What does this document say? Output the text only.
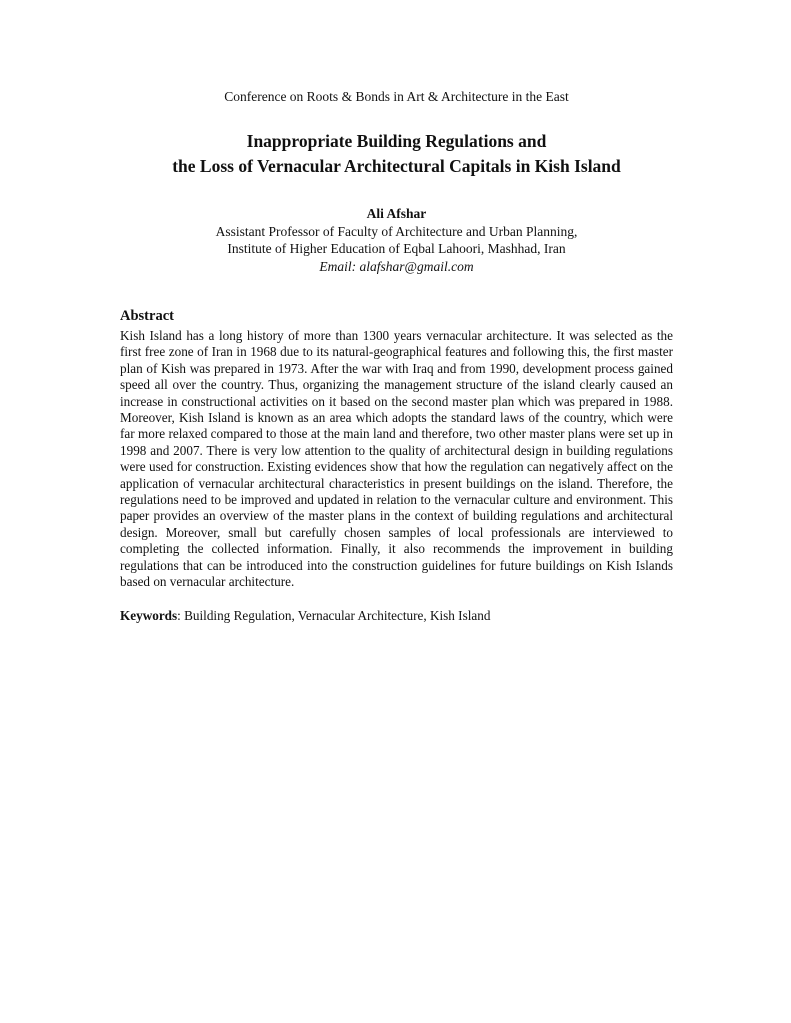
Conference on Roots & Bonds in Art & Architecture in the East
Inappropriate Building Regulations and
the Loss of Vernacular Architectural Capitals in Kish Island
Ali Afshar
Assistant Professor of Faculty of Architecture and Urban Planning,
Institute of Higher Education of Eqbal Lahoori, Mashhad, Iran
Email: alafshar@gmail.com
Abstract
Kish Island has a long history of more than 1300 years vernacular architecture. It was selected as the first free zone of Iran in 1968 due to its natural-geographical features and following this, the first master plan of Kish was prepared in 1973. After the war with Iraq and from 1990, development process gained speed all over the country. Thus, organizing the management structure of the island clearly caused an increase in constructional activities on it based on the second master plan which was prepared in 1988. Moreover, Kish Island is known as an area which adopts the standard laws of the country, which were far more relaxed compared to those at the main land and therefore, two other master plans were set up in 1998 and 2007. There is very low attention to the quality of architectural design in building regulations were used for construction. Existing evidences show that how the regulation can negatively affect on the application of vernacular architectural characteristics in present buildings on the island. Therefore, the regulations need to be improved and updated in relation to the vernacular culture and environment. This paper provides an overview of the master plans in the context of building regulations and architectural design. Moreover, small but carefully chosen samples of local professionals are interviewed to completing the collected information. Finally, it also recommends the improvement in building regulations that can be introduced into the construction guidelines for future buildings on Kish Islands based on vernacular architecture.
Keywords: Building Regulation, Vernacular Architecture, Kish Island
